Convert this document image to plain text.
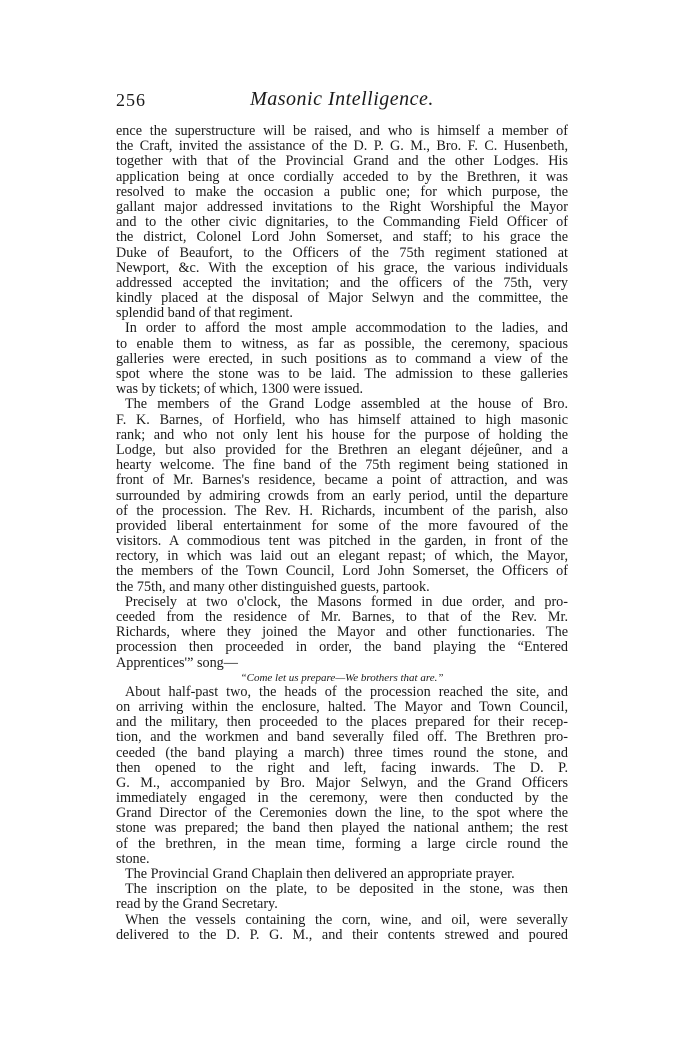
256	Masonic Intelligence.
ence the superstructure will be raised, and who is himself a member of
the Craft, invited the assistance of the D. P. G. M., Bro. F. C. Husenbeth,
together with that of the Provincial Grand and the other Lodges. His
application being at once cordially acceded to by the Brethren, it was
resolved to make the occasion a public one; for which purpose, the
gallant major addressed invitations to the Right Worshipful the Mayor
and to the other civic dignitaries, to the Commanding Field Officer of
the district, Colonel Lord John Somerset, and staff; to his grace the
Duke of Beaufort, to the Officers of the 75th regiment stationed at
Newport, &c. With the exception of his grace, the various individuals
addressed accepted the invitation; and the officers of the 75th, very
kindly placed at the disposal of Major Selwyn and the committee, the
splendid band of that regiment.
In order to afford the most ample accommodation to the ladies, and
to enable them to witness, as far as possible, the ceremony, spacious
galleries were erected, in such positions as to command a view of the
spot where the stone was to be laid. The admission to these galleries
was by tickets; of which, 1300 were issued.
The members of the Grand Lodge assembled at the house of Bro.
F. K. Barnes, of Horfield, who has himself attained to high masonic
rank; and who not only lent his house for the purpose of holding the
Lodge, but also provided for the Brethren an elegant déjeûner, and a
hearty welcome. The fine band of the 75th regiment being stationed in
front of Mr. Barnes's residence, became a point of attraction, and was
surrounded by admiring crowds from an early period, until the departure
of the procession. The Rev. H. Richards, incumbent of the parish, also
provided liberal entertainment for some of the more favoured of the
visitors. A commodious tent was pitched in the garden, in front of the
rectory, in which was laid out an elegant repast; of which, the Mayor,
the members of the Town Council, Lord John Somerset, the Officers of
the 75th, and many other distinguished guests, partook.
Precisely at two o'clock, the Masons formed in due order, and pro-
ceeded from the residence of Mr. Barnes, to that of the Rev. Mr.
Richards, where they joined the Mayor and other functionaries. The
procession then proceeded in order, the band playing the “Entered
Apprentices'” song—
“Come let us prepare—We brothers that are.”
About half-past two, the heads of the procession reached the site, and
on arriving within the enclosure, halted. The Mayor and Town Council,
and the military, then proceeded to the places prepared for their recep-
tion, and the workmen and band severally filed off. The Brethren pro-
ceeded (the band playing a march) three times round the stone, and
then opened to the right and left, facing inwards. The D. P.
G. M., accompanied by Bro. Major Selwyn, and the Grand Officers
immediately engaged in the ceremony, were then conducted by the
Grand Director of the Ceremonies down the line, to the spot where the
stone was prepared; the band then played the national anthem; the rest
of the brethren, in the mean time, forming a large circle round the
stone.
The Provincial Grand Chaplain then delivered an appropriate prayer.
The inscription on the plate, to be deposited in the stone, was then
read by the Grand Secretary.
When the vessels containing the corn, wine, and oil, were severally
delivered to the D. P. G. M., and their contents strewed and poured
